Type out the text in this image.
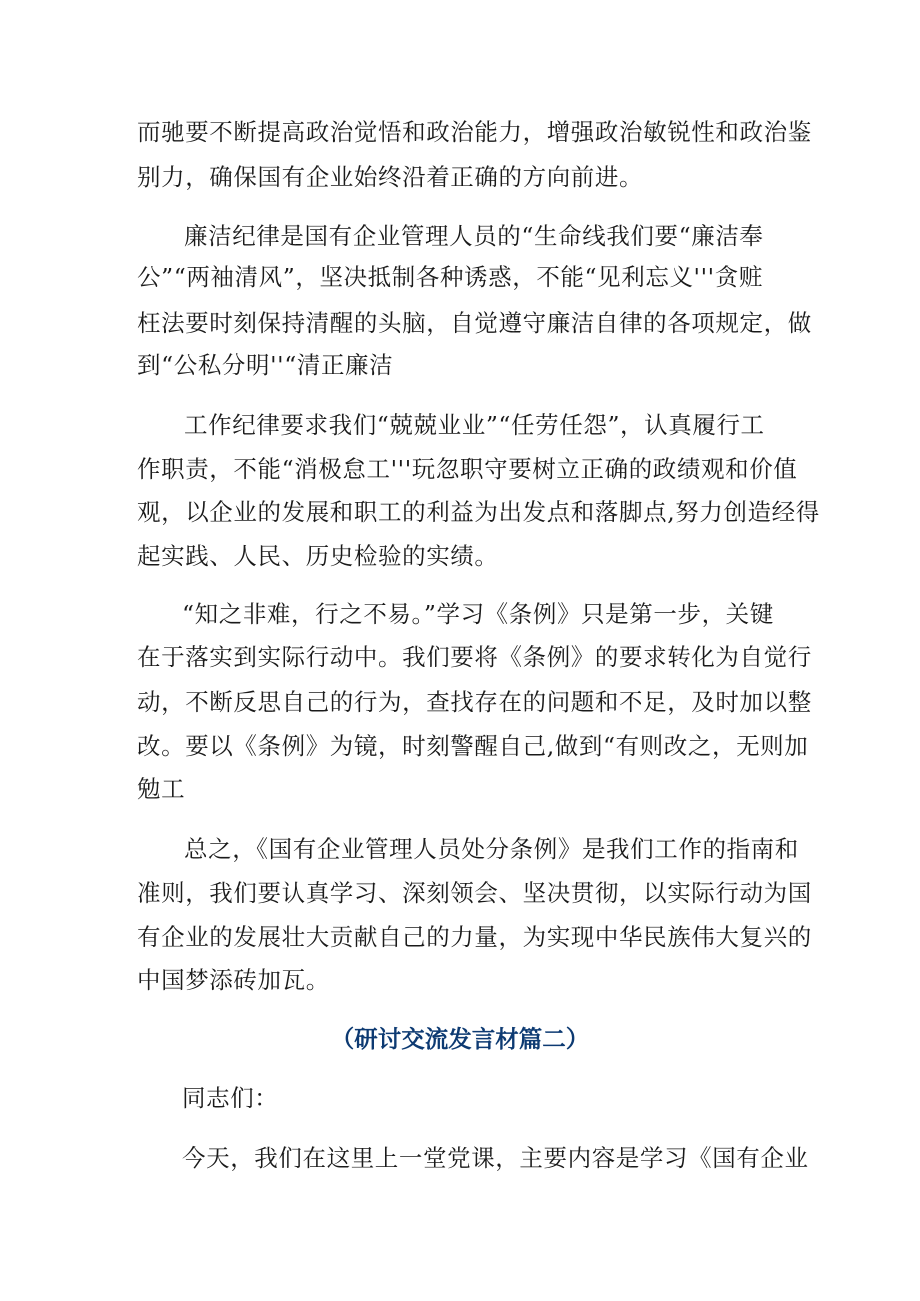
而驰要不断提高政治觉悟和政治能力，增强政治敏锐性和政治鉴
别力，确保国有企业始终沿着正确的方向前进。
廉洁纪律是国有企业管理人员的“生命线我们要“廉洁奉
公”“两袖清风”，坚决抵制各种诱惑，不能“见利忘义'''贪赃
枉法要时刻保持清醒的头脑，自觉遵守廉洁自律的各项规定，做
到“公私分明''“清正廉洁
工作纪律要求我们“兢兢业业”“任劳任怨”，认真履行工
作职责，不能“消极怠工'''玩忽职守要树立正确的政绩观和价值
观，以企业的发展和职工的利益为出发点和落脚点,努力创造经得
起实践、人民、历史检验的实绩。
“知之非难，行之不易。”学习《条例》只是第一步，关键
在于落实到实际行动中。我们要将《条例》的要求转化为自觉行
动，不断反思自己的行为，查找存在的问题和不足，及时加以整
改。要以《条例》为镜，时刻警醒自己,做到“有则改之，无则加
勉工
总之，《国有企业管理人员处分条例》是我们工作的指南和
准则，我们要认真学习、深刻领会、坚决贯彻，以实际行动为国
有企业的发展壮大贡献自己的力量，为实现中华民族伟大复兴的
中国梦添砖加瓦。
（研讨交流发言材篇二）
同志们：
今天，我们在这里上一堂党课，主要内容是学习《国有企业
